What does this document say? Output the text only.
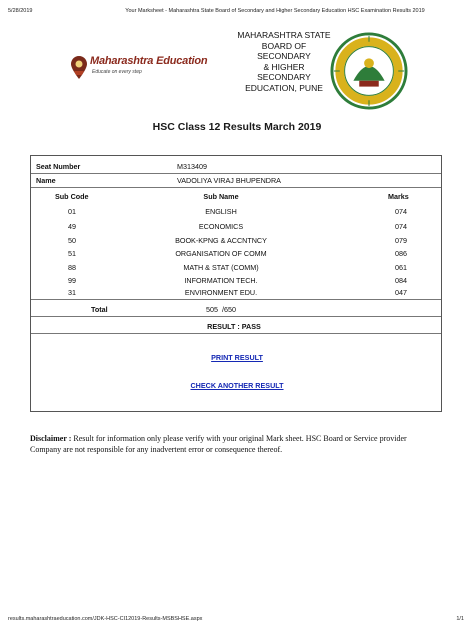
5/28/2019	Your Marksheet - Maharashtra State Board of Secondary and Higher Secondary Education HSC Examination Results 2019
Maharashtra Education
Educate on every step
MAHARASHTRA STATE
BOARD OF
SECONDARY
& HIGHER
SECONDARY
EDUCATION, PUNE
HSC Class 12 Results March 2019
Seat Number	M313409
Name	VADOLIYA VIRAJ BHUPENDRA
Sub Code	Sub Name	Marks
01	ENGLISH	074
49	ECONOMICS	074
50	BOOK-KPNG & ACCNTNCY	079
51	ORGANISATION OF COMM	086
88	MATH & STAT (COMM)	061
99	INFORMATION TECH.	084
31	ENVIRONMENT EDU.	047
Total	505  /650
RESULT : PASS
PRINT RESULT
CHECK ANOTHER RESULT
Disclaimer : Result for information only please verify with your original Mark sheet. HSC Board or Service provider Company are not responsible for any inadvertent error or consequence thereof.
results.maharashtraeducation.com/JDK-HSC-CI12019-Results-MSBSHSE.aspx	1/1
